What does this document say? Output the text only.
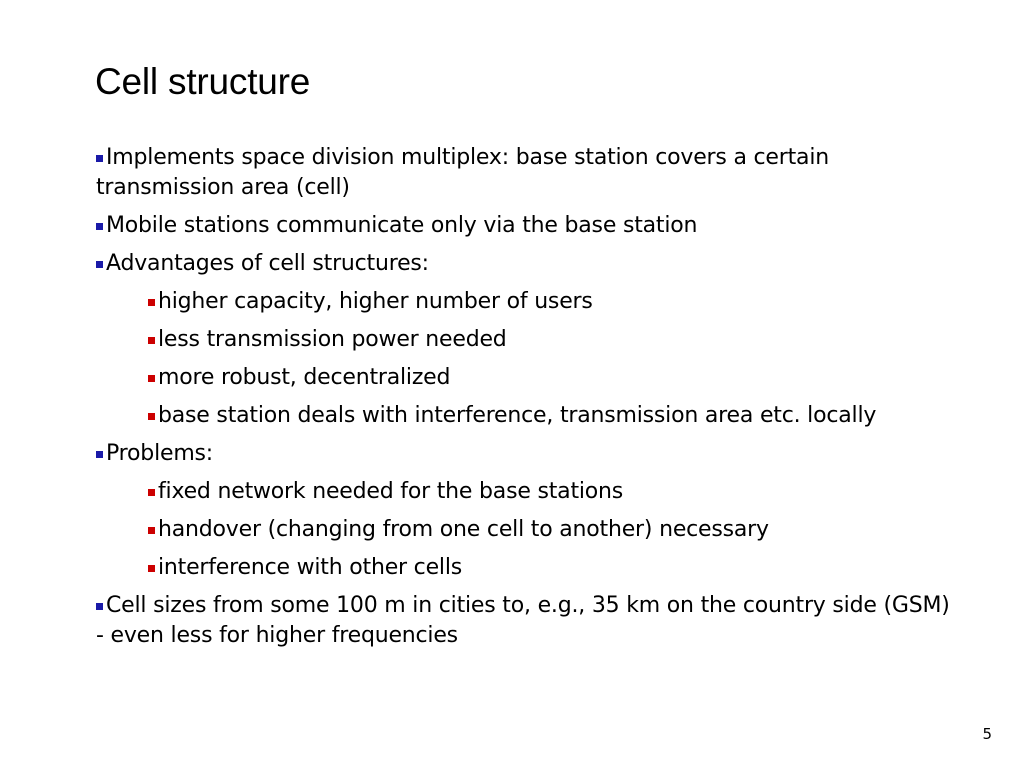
Cell structure
Implements space division multiplex: base station covers a certain transmission area (cell)
Mobile stations communicate only via the base station
Advantages of cell structures:
higher capacity, higher number of users
less transmission power needed
more robust, decentralized
base station deals with interference, transmission area etc. locally
Problems:
fixed network needed for the base stations
handover (changing from one cell to another) necessary
interference with other cells
Cell sizes from some 100 m in cities to, e.g., 35 km on the country side (GSM) - even less for higher frequencies
5
